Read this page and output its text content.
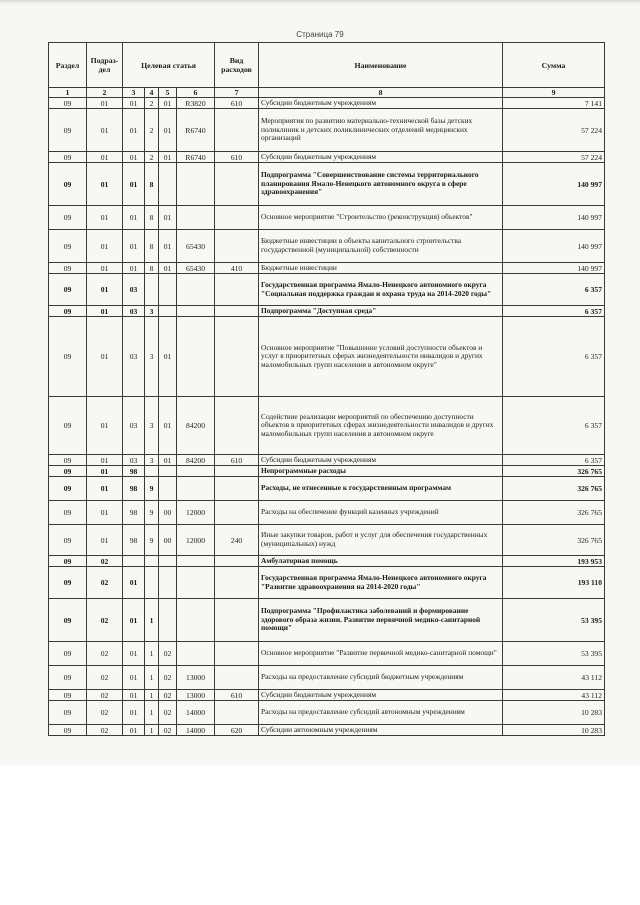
Страница 79
Раздел	Подраз-дел	Целевая статья				Вид расходов	Наименование	Сумма
1	2	3	4	5	6	7	8	9
09	01	01	2	01	R3820	610	Субсидии бюджетным учреждениям	7 141
09	01	01	2	01	R6740		Мероприятия по развитию материально-технической базы детских поликлиник и детских поликлинических отделений медицинских организаций	57 224
09	01	01	2	01	R6740	610	Субсидии бюджетным учреждениям	57 224
09	01	01	8				Подпрограмма "Совершенствование системы территориального планирования Ямало-Ненецкого автономного округа в сфере здравоохранения"	140 997
09	01	01	8	01			Основное мероприятие "Строительство (реконструкция) объектов"	140 997
09	01	01	8	01	65430		Бюджетные инвестиции в объекты капитального строительства государственной (муниципальной) собственности	140 997
09	01	01	8	01	65430	410	Бюджетные инвестиции	140 997
09	01	03					Государственная программа Ямало-Ненецкого автономного округа "Социальная поддержка граждан и охрана труда на 2014-2020 годы"	6 357
09	01	03	3				Подпрограмма "Доступная среда"	6 357
09	01	03	3	01			Основное мероприятие "Повышение условий доступности объектов и услуг в приоритетных сферах жизнедеятельности инвалидов и других маломобильных групп населения в автономном округе"	6 357
09	01	03	3	01	84200		Содействие реализации мероприятий по обеспечению доступности объектов в приоритетных сферах жизнедеятельности инвалидов и других маломобильных групп населения в автономном округе	6 357
09	01	03	3	01	84200	610	Субсидии бюджетным учреждениям	6 357
09	01	98					Непрограммные расходы	326 765
09	01	98	9				Расходы, не отнесенные к государственным программам	326 765
09	01	98	9	00	12000		Расходы на обеспечение функций казенных учреждений	326 765
09	01	98	9	00	12000	240	Иные закупки товаров, работ и услуг для обеспечения государственных (муниципальных) нужд	326 765
09	02						Амбулаторная помощь	193 953
09	02	01					Государственная программа Ямало-Ненецкого автономного округа "Развитие здравоохранения на 2014-2020 годы"	193 110
09	02	01	1				Подпрограмма "Профилактика заболеваний и формирование здорового образа жизни. Развитие первичной медико-санитарной помощи"	53 395
09	02	01	1	02			Основное мероприятие "Развитие первичной медико-санитарной помощи"	53 395
09	02	01	1	02	13000		Расходы на предоставление субсидий бюджетным учреждениям	43 112
09	02	01	1	02	13000	610	Субсидии бюджетным учреждениям	43 112
09	02	01	1	02	14000		Расходы на предоставление субсидий автономным учреждениям	10 283
09	02	01	1	02	14000	620	Субсидии автономным учреждениям	10 283
